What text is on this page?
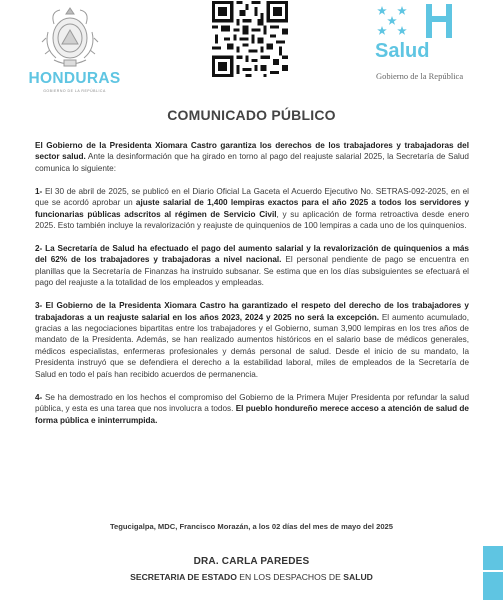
HONDURAS
GOBIERNO DE LA REPÚBLICA
Salud
Gobierno de la República
COMUNICADO PÚBLICO

El Gobierno de la Presidenta Xiomara Castro garantiza los derechos de los trabajadores y trabajadoras del sector salud. Ante la desinformación que ha girado en torno al pago del reajuste salarial 2025, la Secretaría de Salud comunica lo siguiente:

1- El 30 de abril de 2025, se publicó en el Diario Oficial La Gaceta el Acuerdo Ejecutivo No. SETRAS-092-2025, en el que se acordó aprobar un ajuste salarial de 1,400 lempiras exactos para el año 2025 a todos los servidores y funcionarias públicas adscritos al régimen de Servicio Civil, y su aplicación de forma retroactiva desde enero 2025. Esto también incluye la revalorización y reajuste de quinquenios de 100 lempiras a cada uno de los quinquenios.

2- La Secretaría de Salud ha efectuado el pago del aumento salarial y la revalorización de quinquenios a más del 62% de los trabajadores y trabajadoras a nivel nacional. El personal pendiente de pago se encuentra en planillas que la Secretaría de Finanzas ha instruido subsanar. Se estima que en los días subsiguientes se efectuará el pago del reajuste a la totalidad de los empleados y empleadas.

3- El Gobierno de la Presidenta Xiomara Castro ha garantizado el respeto del derecho de los trabajadores y trabajadoras a un reajuste salarial en los años 2023, 2024 y 2025 no será la excepción. El aumento acumulado, gracias a las negociaciones bipartitas entre los trabajadores y el Gobierno, suman 3,900 lempiras en los tres años de mandato de la Presidenta. Además, se han realizado aumentos históricos en el salario base de médicos generales, médicos especialistas, enfermeras profesionales y demás personal de salud. Desde el inicio de su mandato, la Presidenta instruyó que se defendiera el derecho a la estabilidad laboral, miles de empleados de la Secretaría de Salud en todo el país han recibido acuerdos de permanencia.

4- Se ha demostrado en los hechos el compromiso del Gobierno de la Primera Mujer Presidenta por refundar la salud pública, y esta es una tarea que nos involucra a todos. El pueblo hondureño merece acceso a atención de salud de forma pública e ininterrumpida.

Tegucigalpa, MDC, Francisco Morazán, a los 02 días del mes de mayo del 2025
DRA. CARLA PAREDES
SECRETARIA DE ESTADO EN LOS DESPACHOS DE SALUD
